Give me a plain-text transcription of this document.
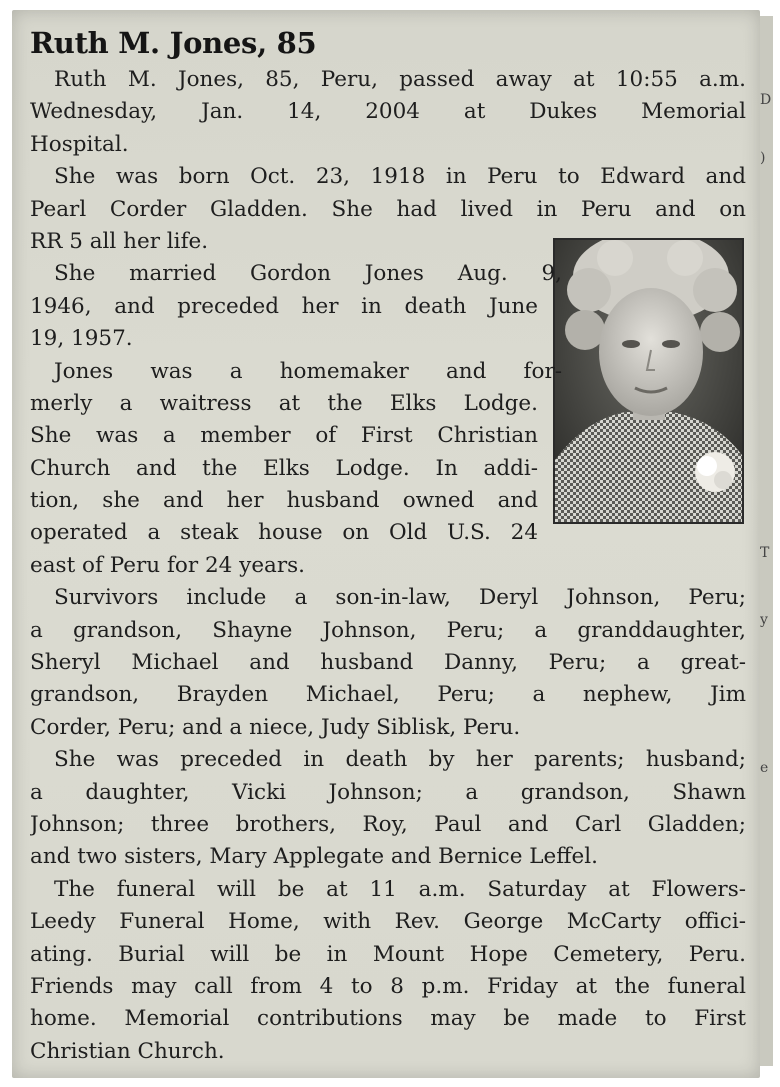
D
)
T
y
e
Ruth M. Jones, 85
Ruth M. Jones, 85, Peru, passed away at 10:55 a.m.
Wednesday, Jan. 14, 2004 at Dukes Memorial
Hospital.
She was born Oct. 23, 1918 in Peru to Edward and
Pearl Corder Gladden. She had lived in Peru and on
RR 5 all her life.
She married Gordon Jones Aug. 9,
1946, and preceded her in death June
19, 1957.
Jones was a homemaker and for-
merly a waitress at the Elks Lodge.
She was a member of First Christian
Church and the Elks Lodge. In addi-
tion, she and her husband owned and
operated a steak house on Old U.S. 24
east of Peru for 24 years.
Survivors include a son-in-law, Deryl Johnson, Peru;
a grandson, Shayne Johnson, Peru; a granddaughter,
Sheryl Michael and husband Danny, Peru; a great-
grandson, Brayden Michael, Peru; a nephew, Jim
Corder, Peru; and a niece, Judy Siblisk, Peru.
She was preceded in death by her parents; husband;
a daughter, Vicki Johnson; a grandson, Shawn
Johnson; three brothers, Roy, Paul and Carl Gladden;
and two sisters, Mary Applegate and Bernice Leffel.
The funeral will be at 11 a.m. Saturday at Flowers-
Leedy Funeral Home, with Rev. George McCarty offici-
ating. Burial will be in Mount Hope Cemetery, Peru.
Friends may call from 4 to 8 p.m. Friday at the funeral
home. Memorial contributions may be made to First
Christian Church.
